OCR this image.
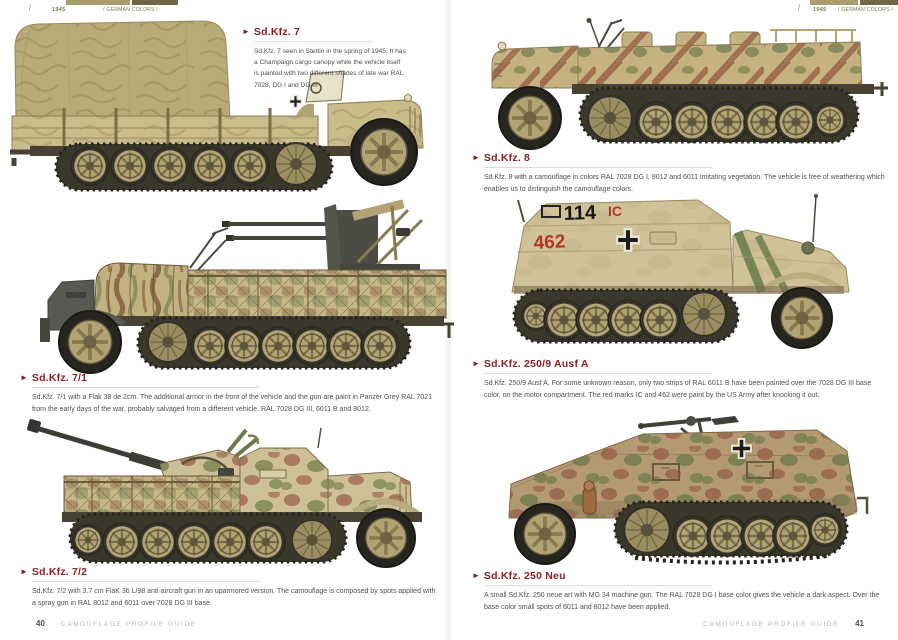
/	1945	/ GERMAN COLORS /	/ 1945 / GERMAN COLORS /
114 IC
462
► Sd.Kfz. 7

Sd.Kfz. 7 seen in Stettin in the spring of 1945. It has a Champaign cargo canopy while the vehicle itself is painted with two different shades of late war RAL 7028, DG I and DG III

► Sd.Kfz. 7/1

Sd.Kfz. 7/1 with a Flak 38 de 2cm. The additional armor in the front of the vehicle and the gun are paint in Panzer Grey RAL 7021 from the early days of the war, probably salvaged from a different vehicle. RAL 7028 DG III, 6011 B and 8012.

► Sd.Kfz. 7/2

Sd.Kfz. 7/2 with 3.7 cm FlaK 36 L/98 anti-aircraft gun in an uparmored version. The camouflage is composed by spots applied with a spray gun in RAL 8012 and 6011 over 7028 DG III base.

► Sd.Kfz. 8

Sd.Kfz. 8 with a camouflage in colors RAL 7028 DG I, 8012 and 6011 imitating vegetation. The vehicle is free of weathering which enables us to distinguish the camouflage colors.

► Sd.Kfz. 250/9 Ausf A

Sd.Kfz. 250/9 Ausf A. For some unknown reason, only two strips of RAL 6011 B have been painted over the 7028 DG III base color, on the motor compartment. The red marks IC and 462 were paint by the US Army after knocking it out.

► Sd.Kfz. 250 Neu

A small Sd.Kfz. 250 neue art with MG 34 machine gun. The RAL 7028 DG I base color gives the vehicle a dark aspect. Over the base color small spots of 6011 and 8012 have been applied.

40 CAMOUFLAGE PROFILE GUIDE	CAMOUFLAGE PROFILE GUIDE 41
